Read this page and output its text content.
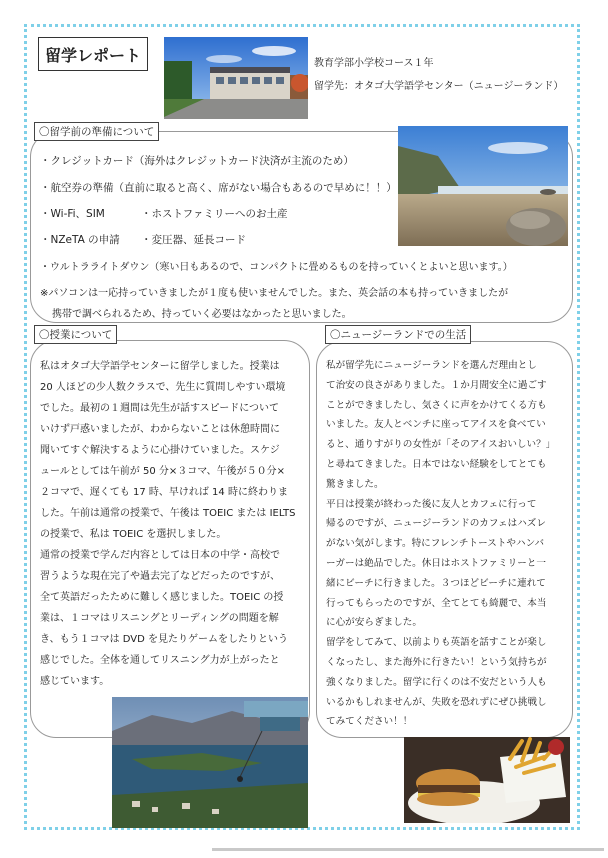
留学レポート	教育学部小学校コース１年
留学先：オタゴ大学語学センター（ニュージーランド）
〇留学前の準備について
・クレジットカード（海外はクレジットカード決済が主流のため）
・航空券の準備（直前に取ると高く、席がない場合もあるので早めに！！）
・Wi-Fi、SIM	・ホストファミリーへのお土産
・NZeTA の申請 ・変圧器、延長コード
・ウルトラライトダウン（寒い日もあるので、コンパクトに畳めるものを持っていくとよいと思います。）
※パソコンは一応持っていきましたが１度も使いませんでした。また、英会話の本も持っていきましたが
携帯で調べられるため、持っていく必要はなかったと思いました。
〇授業について

私はオタゴ大学語学センターに留学しました。授業は

20 人ほどの少人数クラスで、先生に質問しやすい環境

でした。最初の１週間は先生が話すスピードについて

いけず戸惑いましたが、わからないことは休憩時間に

聞いてすぐ解決するように心掛けていました。スケジ

ュールとしては午前が 50 分×３コマ、午後が５０分×

２コマで、遅くても 17 時、早ければ 14 時に終わりま

した。午前は通常の授業で、午後は TOEIC または IELTS

の授業で、私は TOEIC を選択しました。

通常の授業で学んだ内容としては日本の中学・高校で

習うような現在完了や過去完了などだったのですが、

全て英語だったために難しく感じました。TOEIC の授

業は、１コマはリスニングとリーディングの問題を解

き、もう１コマは DVD を見たりゲームをしたりという

感じでした。全体を通してリスニング力が上がったと

感じています。

〇ニュージーランドでの生活

私が留学先にニュージーランドを選んだ理由とし

て治安の良さがありました。１か月間安全に過ごす

ことができましたし、気さくに声をかけてくる方も

いました。友人とベンチに座ってアイスを食べてい

ると、通りすがりの女性が「そのアイスおいしい？」

と尋ねてきました。日本ではない経験をしてとても

驚きました。

平日は授業が終わった後に友人とカフェに行って

帰るのですが、ニュージーランドのカフェはハズレ

がない気がします。特にフレンチトーストやハンバ

ーガーは絶品でした。休日はホストファミリーと一

緒にビーチに行きました。３つほどビーチに連れて

行ってもらったのですが、全てとても綺麗で、本当

に心が安らぎました。

留学をしてみて、以前よりも英語を話すことが楽し

くなったし、また海外に行きたい！という気持ちが

強くなりました。留学に行くのは不安だという人も

いるかもしれませんが、失敗を恐れずにぜひ挑戦し

てみてください！！
